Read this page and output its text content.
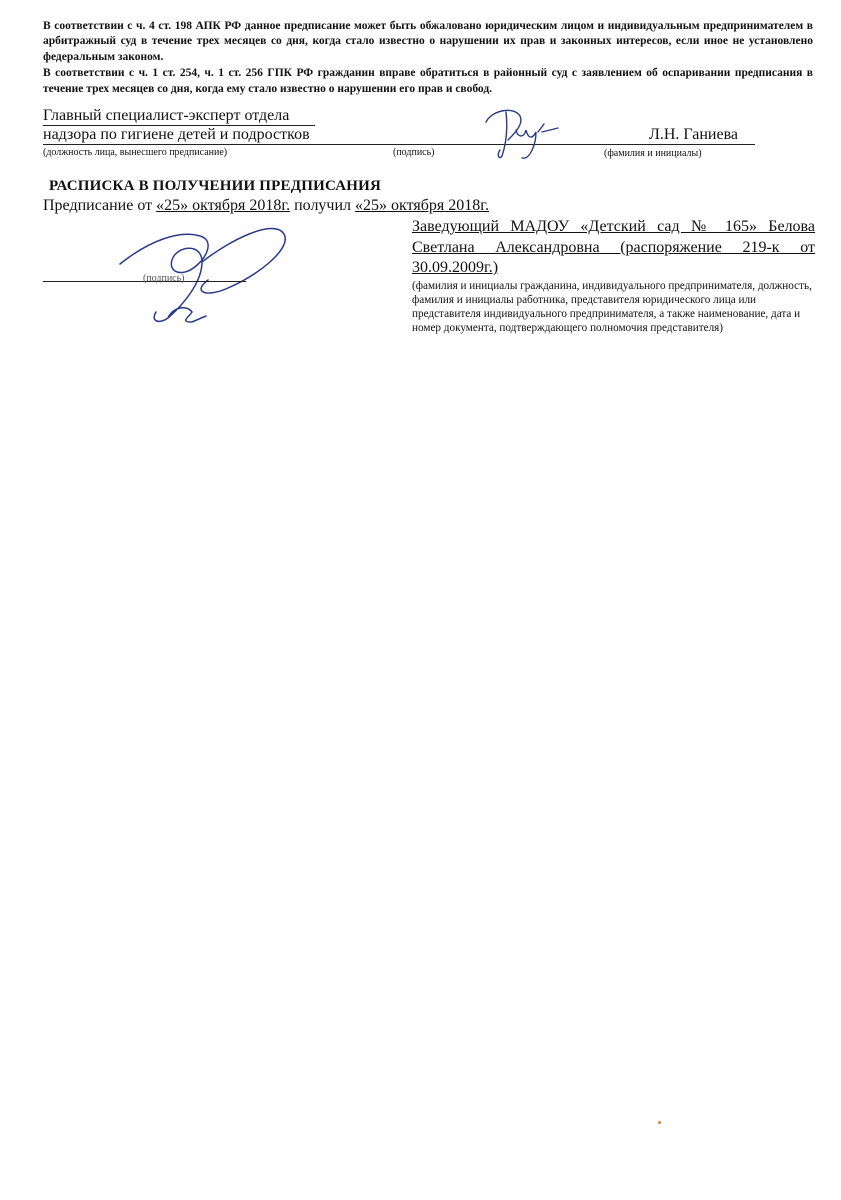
В соответствии с ч. 4 ст. 198 АПК РФ данное предписание может быть обжаловано юридическим лицом и индивидуальным предпринимателем в арбитражный суд в течение трех месяцев со дня, когда стало известно о нарушении их прав и законных интересов, если иное не установлено федеральным законом.

В соответствии с ч. 1 ст. 254, ч. 1 ст. 256 ГПК РФ гражданин вправе обратиться в районный суд с заявлением об оспаривании предписания в течение трех месяцев со дня, когда ему стало известно о нарушении его прав и свобод.

Главный специалист-эксперт отдела
надзора по гигиене детей и подростков	Л.Н. Ганиева
(должность лица, вынесшего предписание)	(подпись)	(фамилия и инициалы)
РАСПИСКА В ПОЛУЧЕНИИ ПРЕДПИСАНИЯ
Предписание от «25» октября 2018г. получил «25» октября 2018г.
(подпись)
Заведующий МАДОУ «Детский сад № 165» Белова Светлана Александровна (распоряжение 219-к от 30.09.2009г.)
(фамилия и инициалы гражданина, индивидуального предпринимателя, должность, фамилия и инициалы работника, представителя юридического лица или представителя индивидуального предпринимателя, а также наименование, дата и номер документа, подтверждающего полномочия представителя)
